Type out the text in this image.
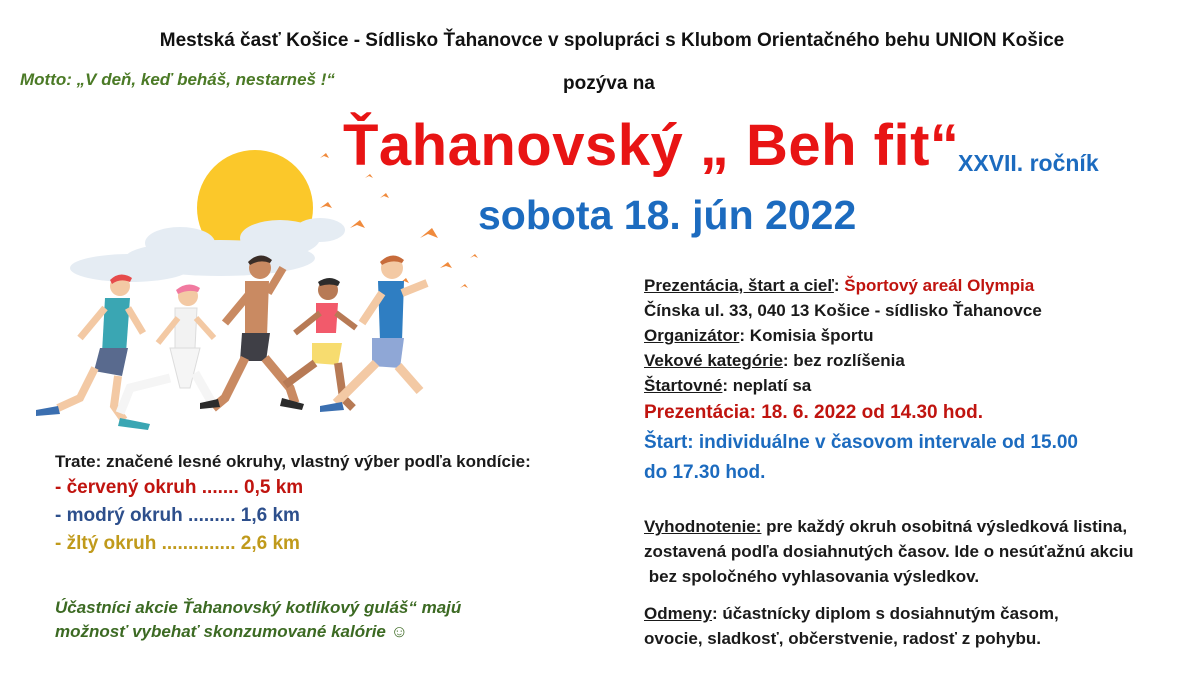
Mestská časť Košice - Sídlisko Ťahanovce v spolupráci s Klubom Orientačného behu UNION Košice
Motto: „V deň, keď beháš, nestarneš !“	pozýva na
Ťahanovský „ Beh fit“
XXVII. ročník
sobota 18. jún 2022
Prezentácia, štart a cieľ: Športový areál Olympia
Čínska ul. 33, 040 13 Košice - sídlisko Ťahanovce
Organizátor: Komisia športu
Vekové kategórie: bez rozlíšenia
Štartovné: neplatí sa
Prezentácia: 18. 6. 2022 od 14.30 hod.
Štart: individuálne v časovom intervale od 15.00
do 17.30 hod.
Vyhodnotenie: pre každý okruh osobitná výsledková listina,
zostavená podľa dosiahnutých časov. Ide o nesúťažnú akciu
bez spoločného vyhlasovania výsledkov.
Odmeny: účastnícky diplom s dosiahnutým časom,
ovocie, sladkosť, občerstvenie, radosť z pohybu.
Trate: značené lesné okruhy, vlastný výber podľa kondície:
- červený okruh ....... 0,5 km
- modrý okruh ......... 1,6 km
- žltý okruh .............. 2,6 km
Účastníci akcie Ťahanovský kotlíkový guláš“ majú
možnosť vybehať skonzumované kalórie ☺
